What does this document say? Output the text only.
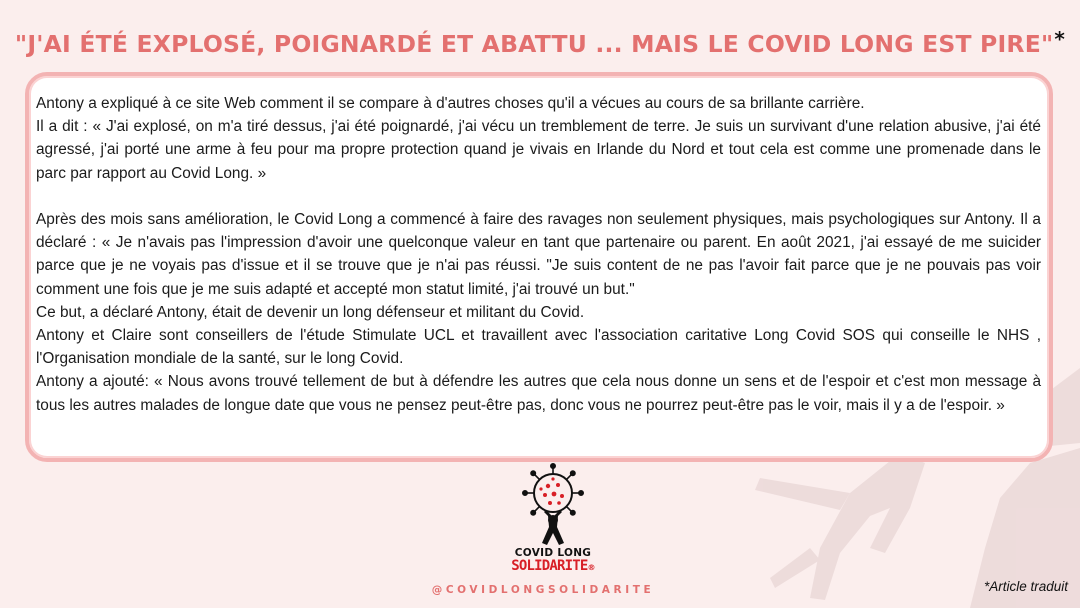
"J'AI ÉTÉ EXPLOSÉ, POIGNARDÉ ET ABATTU ... MAIS LE COVID LONG EST PIRE"*

Antony a expliqué à ce site Web comment il se compare à d'autres choses qu'il a vécues au cours de sa brillante carrière.

Il a dit : « J'ai explosé, on m'a tiré dessus, j'ai été poignardé, j'ai vécu un tremblement de terre. Je suis un survivant d'une relation abusive, j'ai été agressé, j'ai porté une arme à feu pour ma propre protection quand je vivais en Irlande du Nord et tout cela est comme une promenade dans le parc par rapport au Covid Long. »

Après des mois sans amélioration, le Covid Long a commencé à faire des ravages non seulement physiques, mais psychologiques sur Antony. Il a déclaré : « Je n'avais pas l'impression d'avoir une quelconque valeur en tant que partenaire ou parent. En août 2021, j'ai essayé de me suicider parce que je ne voyais pas d'issue et il se trouve que je n'ai pas réussi. "Je suis content de ne pas l'avoir fait parce que je ne pouvais pas voir comment une fois que je me suis adapté et accepté mon statut limité, j'ai trouvé un but."

Ce but, a déclaré Antony, était de devenir un long défenseur et militant du Covid.

Antony et Claire sont conseillers de l'étude Stimulate UCL et travaillent avec l'association caritative Long Covid SOS qui conseille le NHS , l'Organisation mondiale de la santé, sur le long Covid.

Antony a ajouté: « Nous avons trouvé tellement de but à défendre les autres que cela nous donne un sens et de l'espoir et c'est mon message à tous les autres malades de longue date que vous ne pensez peut-être pas, donc vous ne pourrez peut-être pas le voir, mais il y a de l'espoir. »

COVID LONG
SOLIDARITE®
@COVIDLONGSOLIDARITE	*Article traduit
